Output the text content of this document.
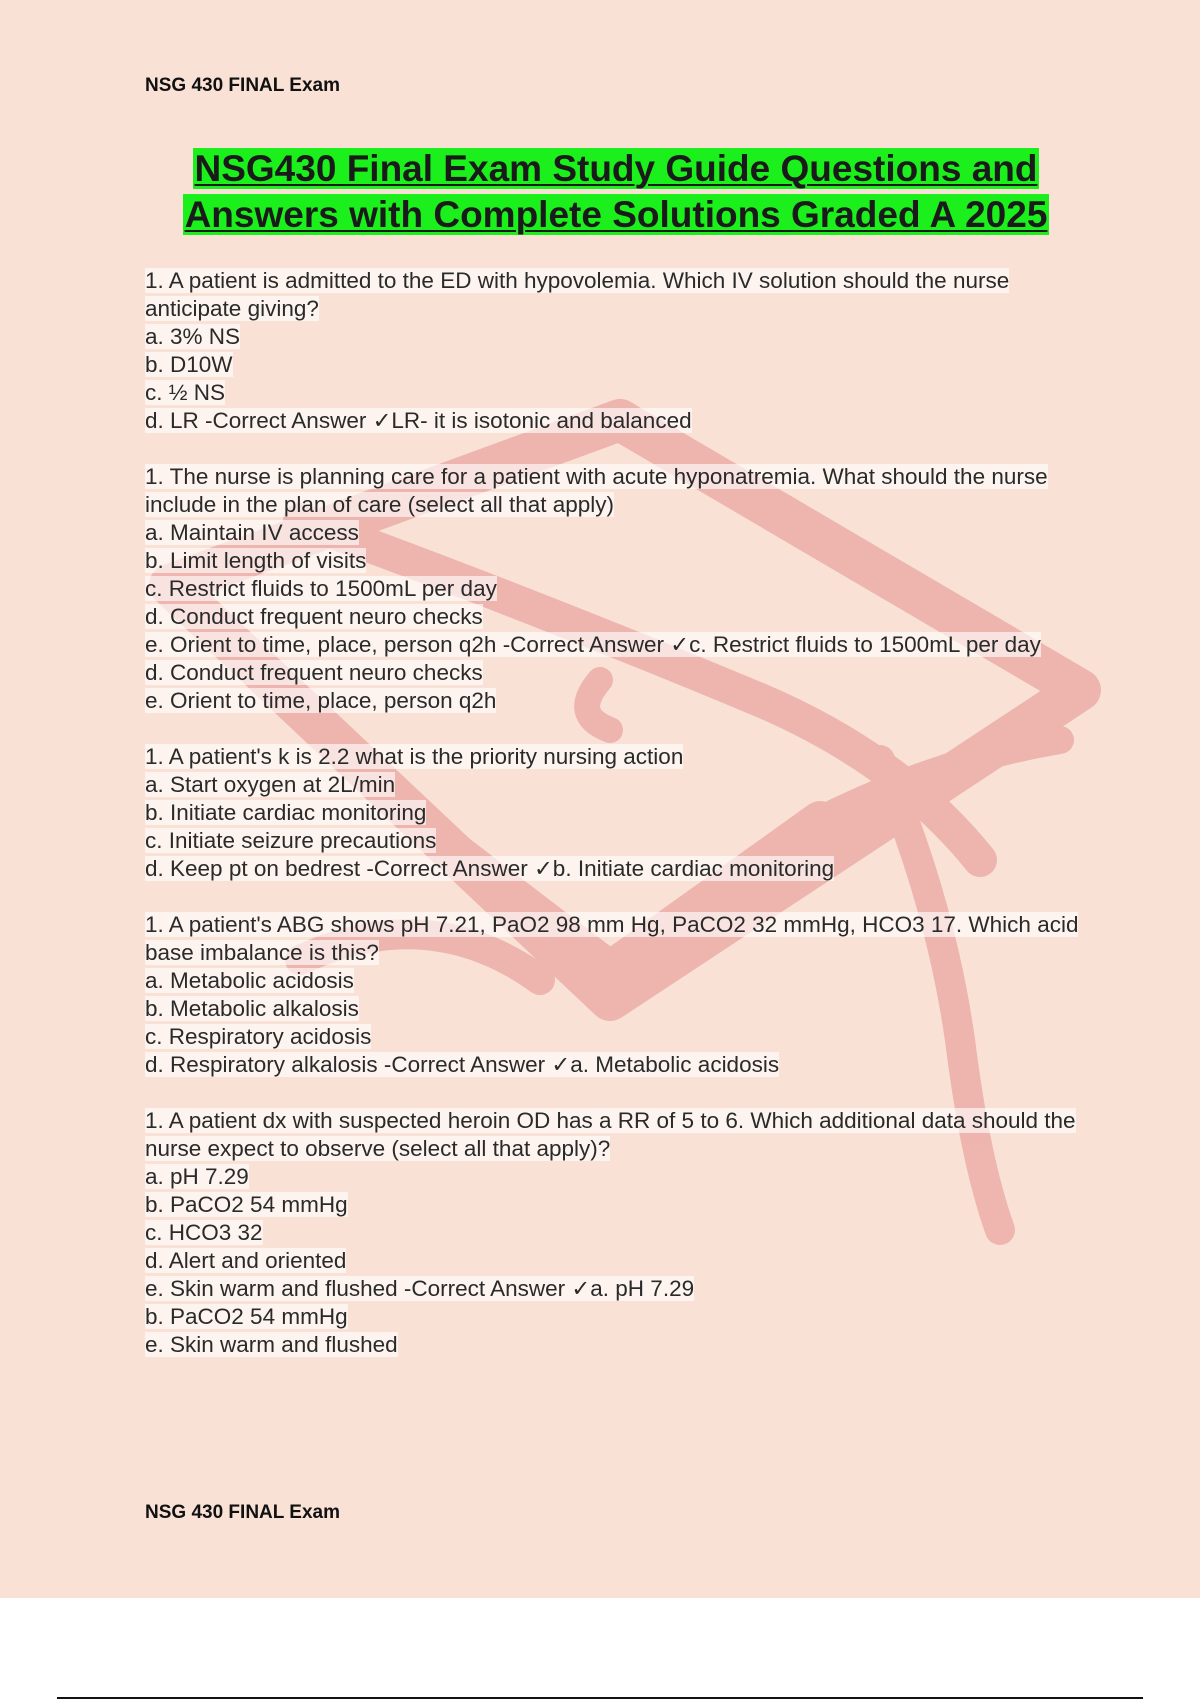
NSG 430 FINAL Exam
NSG430 Final Exam Study Guide Questions and Answers with Complete Solutions Graded A 2025
1. A patient is admitted to the ED with hypovolemia. Which IV solution should the nurse anticipate giving?
a. 3% NS
b. D10W
c. ½ NS
d. LR -Correct Answer ✓LR- it is isotonic and balanced
1. The nurse is planning care for a patient with acute hyponatremia. What should the nurse include in the plan of care (select all that apply)
a. Maintain IV access
b. Limit length of visits
c. Restrict fluids to 1500mL per day
d. Conduct frequent neuro checks
e. Orient to time, place, person q2h -Correct Answer ✓c. Restrict fluids to 1500mL per day
d. Conduct frequent neuro checks
e. Orient to time, place, person q2h
1. A patient's k is 2.2 what is the priority nursing action
a. Start oxygen at 2L/min
b. Initiate cardiac monitoring
c. Initiate seizure precautions
d. Keep pt on bedrest -Correct Answer ✓b. Initiate cardiac monitoring
1. A patient's ABG shows pH 7.21, PaO2 98 mm Hg, PaCO2 32 mmHg, HCO3 17. Which acid base imbalance is this?
a. Metabolic acidosis
b. Metabolic alkalosis
c. Respiratory acidosis
d. Respiratory alkalosis -Correct Answer ✓a. Metabolic acidosis
1. A patient dx with suspected heroin OD has a RR of 5 to 6. Which additional data should the nurse expect to observe (select all that apply)?
a. pH 7.29
b. PaCO2 54 mmHg
c. HCO3 32
d. Alert and oriented
e. Skin warm and flushed -Correct Answer ✓a. pH 7.29
b. PaCO2 54 mmHg
e. Skin warm and flushed
NSG 430 FINAL Exam
